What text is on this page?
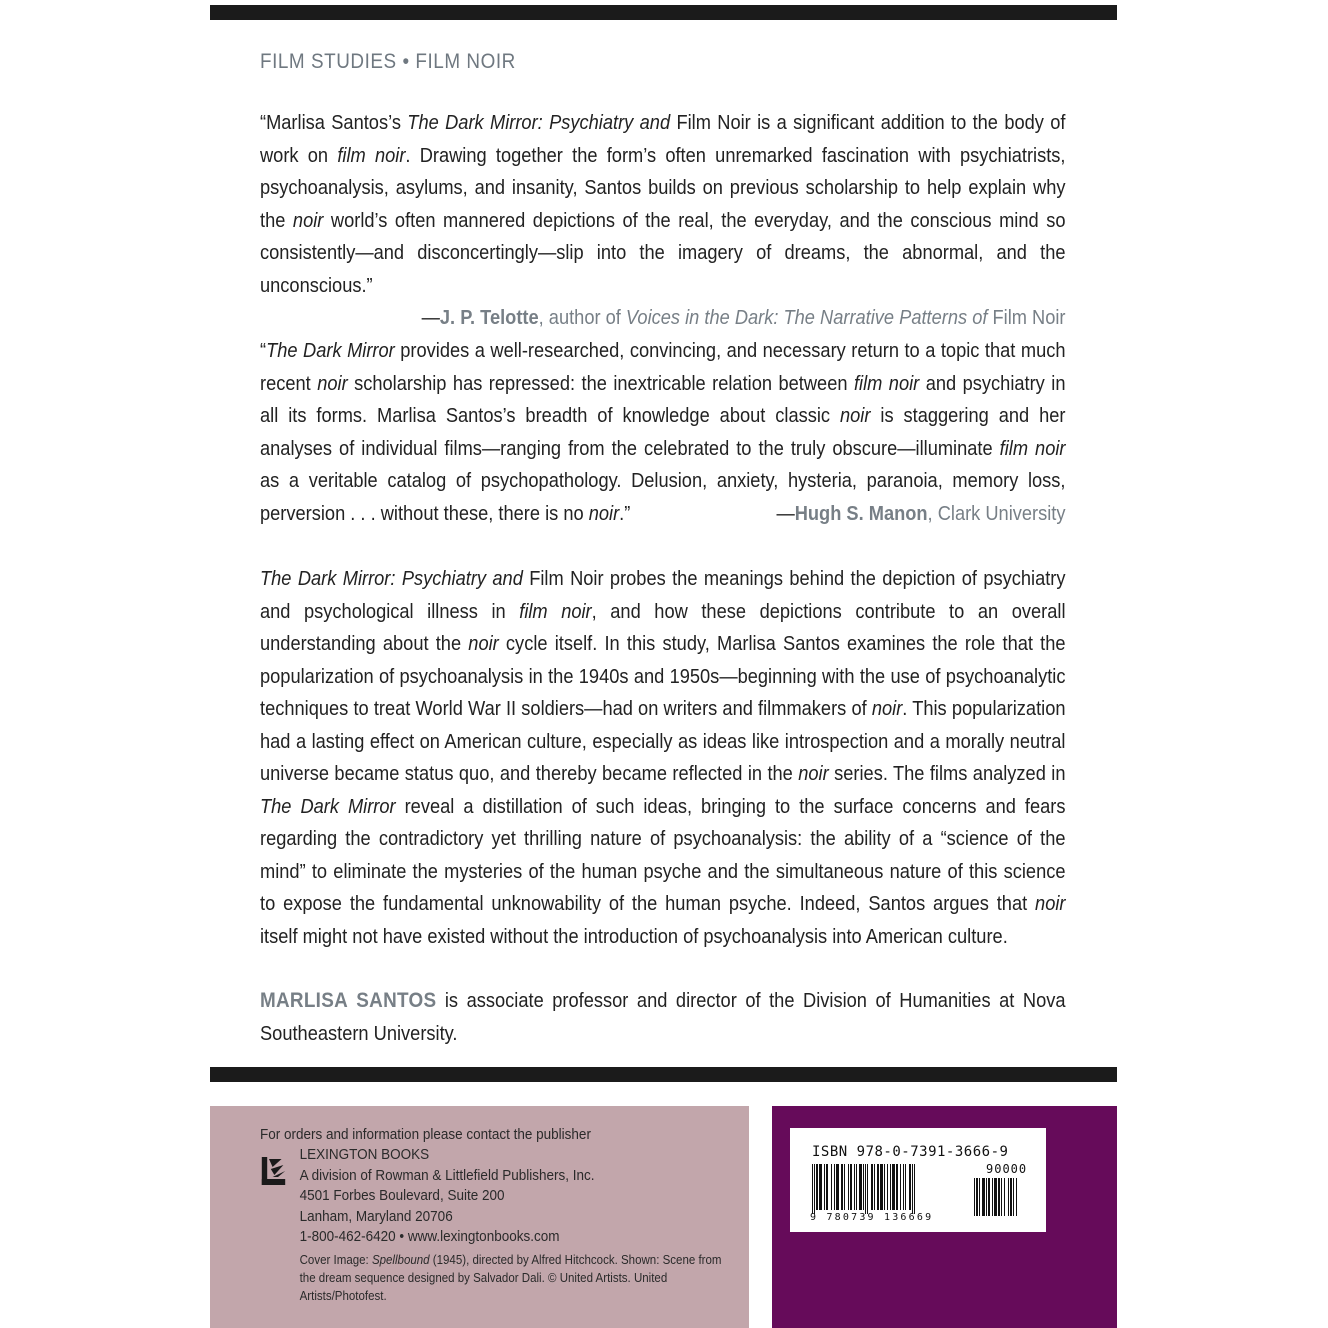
FILM STUDIES • FILM NOIR

“Marlisa Santos’s The Dark Mirror: Psychiatry and Film Noir is a significant addition to the body of work on film noir. Drawing together the form’s often unremarked fascination with psychiatrists, psychoanalysis, asylums, and insanity, Santos builds on previous scholarship to help explain why the noir world’s often mannered depictions of the real, the everyday, and the conscious mind so consistently—and disconcertingly—slip into the imagery of dreams, the abnormal, and the unconscious.”

—J. P. Telotte, author of Voices in the Dark: The Narrative Patterns of Film Noir

“The Dark Mirror provides a well-researched, convincing, and necessary return to a topic that much recent noir scholarship has repressed: the inextricable relation between film noir and psychiatry in all its forms. Marlisa Santos’s breadth of knowledge about classic noir is staggering and her analyses of individual films—ranging from the celebrated to the truly obscure—illuminate film noir as a veritable catalog of psychopathology. Delusion, anxiety, hysteria, paranoia, memory loss, perversion . . . without these, there is no noir.”	—Hugh S. Manon, Clark University

The Dark Mirror: Psychiatry and Film Noir probes the meanings behind the depiction of psychiatry and psychological illness in film noir, and how these depictions contribute to an overall understanding about the noir cycle itself. In this study, Marlisa Santos examines the role that the popularization of psychoanalysis in the 1940s and 1950s—beginning with the use of psychoanalytic techniques to treat World War II soldiers—had on writers and filmmakers of noir. This popularization had a lasting effect on American culture, especially as ideas like introspection and a morally neutral universe became status quo, and thereby became reflected in the noir series. The films analyzed in The Dark Mirror reveal a distillation of such ideas, bringing to the surface concerns and fears regarding the contradictory yet thrilling nature of psychoanalysis: the ability of a “science of the mind” to eliminate the mysteries of the human psyche and the simultaneous nature of this science to expose the fundamental unknowability of the human psyche. Indeed, Santos argues that noir itself might not have existed without the introduction of psychoanalysis into American culture.

MARLISA SANTOS is associate professor and director of the Division of Humanities at Nova Southeastern University.

For orders and information please contact the publisher
LEXINGTON BOOKS
A division of Rowman & Littlefield Publishers, Inc.
4501 Forbes Boulevard, Suite 200
Lanham, Maryland 20706
1-800-462-6420 • www.lexingtonbooks.com
Cover Image: Spellbound (1945), directed by Alfred Hitchcock. Shown: Scene from the dream sequence designed by Salvador Dali. © United Artists. United Artists/Photofest.
ISBN 978-0-7391-3666-9
90000
9 780739 136669
